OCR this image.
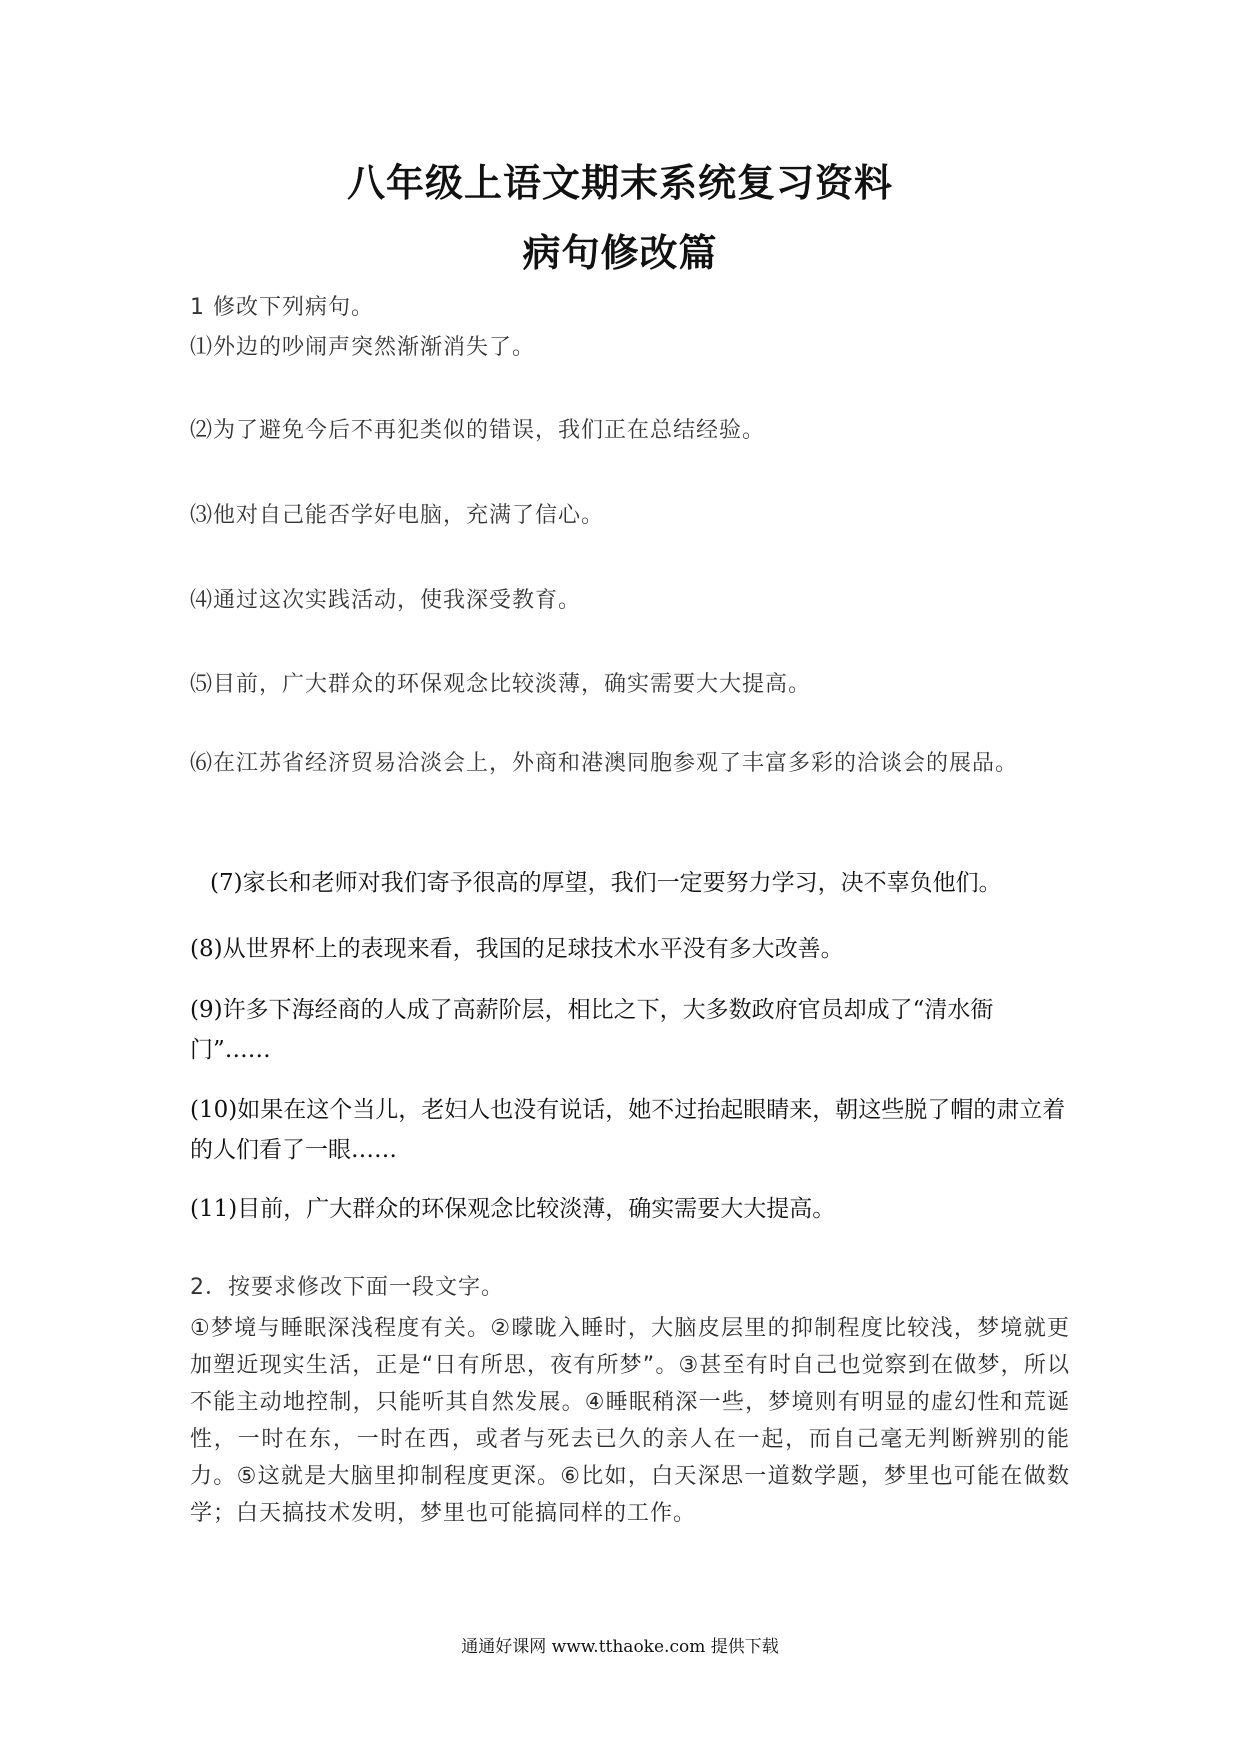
八年级上语文期末系统复习资料
病句修改篇

1 修改下列病句。

⑴外边的吵闹声突然渐渐消失了。

⑵为了避免今后不再犯类似的错误，我们正在总结经验。

⑶他对自己能否学好电脑，充满了信心。

⑷通过这次实践活动，使我深受教育。

⑸目前，广大群众的环保观念比较淡薄，确实需要大大提高。

⑹在江苏省经济贸易洽淡会上，外商和港澳同胞参观了丰富多彩的洽谈会的展品。

(7)家长和老师对我们寄予很高的厚望，我们一定要努力学习，决不辜负他们。

(8)从世界杯上的表现来看，我国的足球技术水平没有多大改善。

(9)许多下海经商的人成了高薪阶层，相比之下，大多数政府官员却成了“清水衙门”……

(10)如果在这个当儿，老妇人也没有说话，她不过抬起眼睛来，朝这些脱了帽的肃立着的人们看了一眼……

(11)目前，广大群众的环保观念比较淡薄，确实需要大大提高。

2．按要求修改下面一段文字。

①梦境与睡眠深浅程度有关。②曚昽入睡时，大脑皮层里的抑制程度比较浅，梦境就更加塑近现实生活，正是“日有所思，夜有所梦”。③甚至有时自己也觉察到在做梦，所以不能主动地控制，只能听其自然发展。④睡眠稍深一些，梦境则有明显的虚幻性和荒诞性，一时在东，一时在西，或者与死去已久的亲人在一起，而自己毫无判断辨别的能力。⑤这就是大脑里抑制程度更深。⑥比如，白天深思一道数学题，梦里也可能在做数学；白天搞技术发明，梦里也可能搞同样的工作。

通通好课网 www.tthaoke.com 提供下载
